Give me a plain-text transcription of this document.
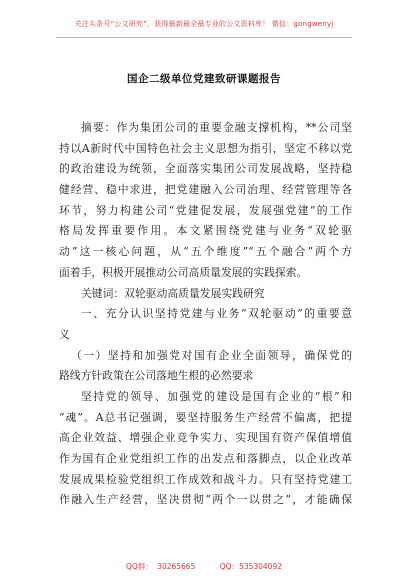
关注头条号“公文研究”，获得最新最全最专业的公文资料库！ 微信：gongwenyj
国企二级单位党建致研课题报告
摘要：作为集团公司的重要金融支撑机构，**公司坚
持以A新时代中国特色社会主义思想为指引，坚定不移以党
的政治建设为统领，全面落实集团公司发展战略，坚持稳
健经营、稳中求进，把党建融入公司治理、经营管理等各
环节，努力构建公司“党建促发展，发展强党建”的工作
格局发挥重要作用。本文紧围绕党建与业务“双轮驱
动”这一核心问题，从“五个维度”“五个融合”两个方
面着手，积极开展推动公司高质量发展的实践探索。
关键词：双轮驱动高质量发展实践研究
一、充分认识坚持党建与业务“双轮驱动”的重要意
义
（一）坚持和加强党对国有企业全面领导，确保党的
路线方针政策在公司落地生根的必然要求
坚持党的领导、加强党的建设是国有企业的“根”和
“魂”。A总书记强调，要坚持服务生产经营不偏离，把提
高企业效益、增强企业竞争实力、实现国有资产保值增值
作为国有企业党组织工作的出发点和落脚点，以企业改革
发展成果检验党组织工作成效和战斗力。只有坚持党建工
作融入生产经营，坚决贯彻“两个一以贯之”，才能确保
QQ群： 30265665	QQ：535304092
